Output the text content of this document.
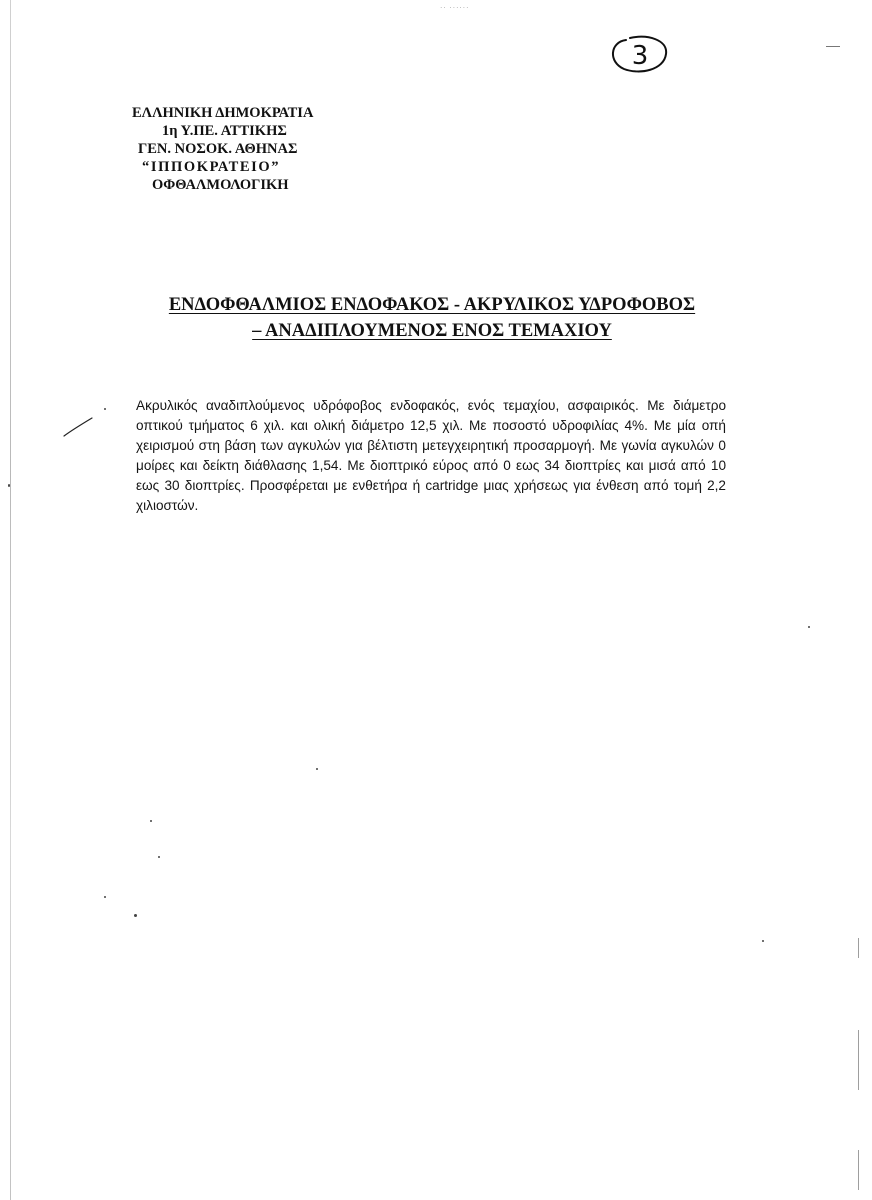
·· ······
3
ΕΛΛΗΝΙΚΗ ΔΗΜΟΚΡΑΤΙΑ
1η Υ.ΠΕ. ΑΤΤΙΚΗΣ
ΓΕΝ. ΝΟΣΟΚ. ΑΘΗΝΑΣ
“ΙΠΠΟΚΡΑΤΕΙΟ”
ΟΦΘΑΛΜΟΛΟΓΙΚΗ
ΕΝΔΟΦΘΑΛΜΙΟΣ ΕΝΔΟΦΑΚΟΣ - ΑΚΡΥΛΙΚΟΣ ΥΔΡΟΦΟΒΟΣ
– ΑΝΑΔΙΠΛΟΥΜΕΝΟΣ ΕΝΟΣ ΤΕΜΑΧΙΟΥ
Ακρυλικός αναδιπλούμενος υδρόφοβος ενδοφακός, ενός τεμαχίου, ασφαιρικός. Με διάμετρο οπτικού τμήματος 6 χιλ. και ολική διάμετρο 12,5 χιλ. Με ποσοστό υδροφιλίας 4%. Με μία οπή χειρισμού στη βάση των αγκυλών για βέλτιστη μετεγχειρητική προσαρμογή. Με γωνία αγκυλών 0 μοίρες και δείκτη διάθλασης 1,54. Με διοπτρικό εύρος από 0 εως 34 διοπτρίες και μισά από 10 εως 30 διοπτρίες. Προσφέρεται με ενθετήρα ή cartridge μιας χρήσεως για ένθεση από τομή 2,2 χιλιοστών.
